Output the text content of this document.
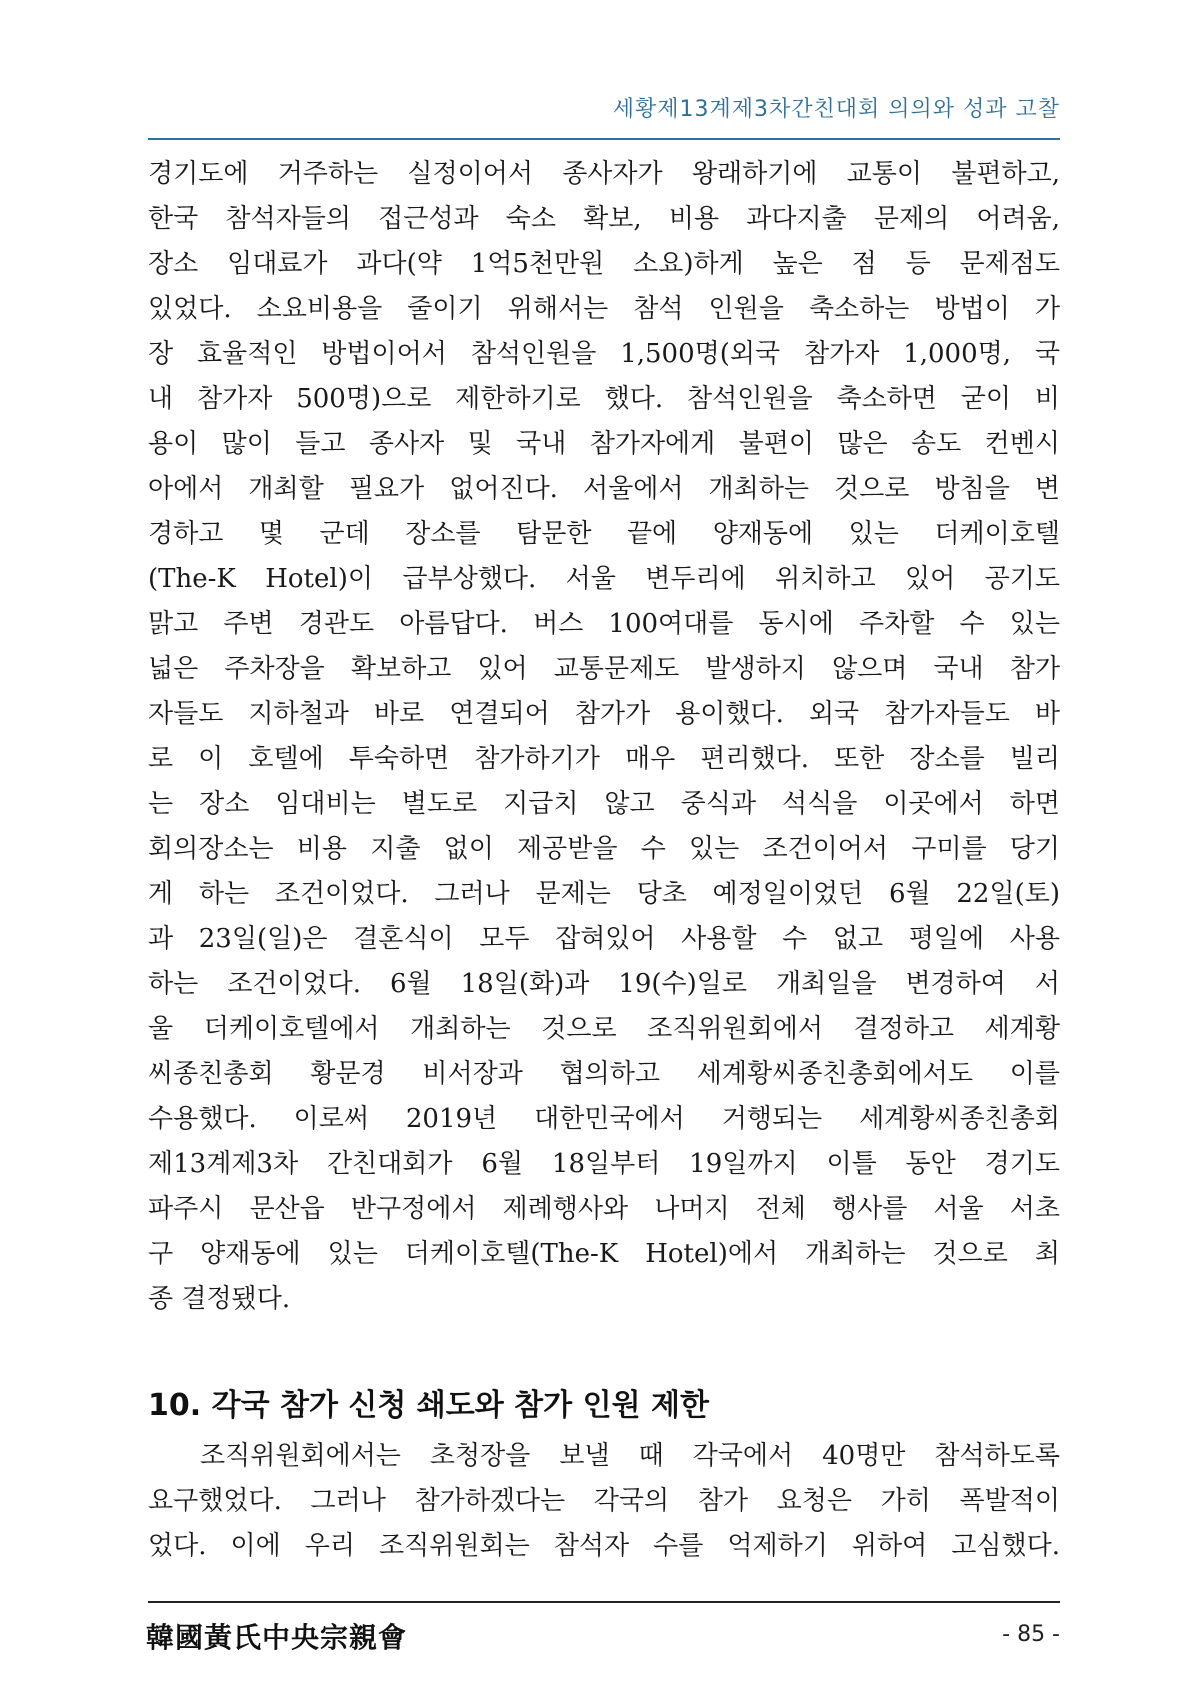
세황제13계제3차간친대회 의의와 성과 고찰
경기도에 거주하는 실정이어서 종사자가 왕래하기에 교통이 불편하고,
한국 참석자들의 접근성과 숙소 확보, 비용 과다지출 문제의 어려움,
장소 임대료가 과다(약 1억5천만원 소요)하게 높은 점 등 문제점도
있었다. 소요비용을 줄이기 위해서는 참석 인원을 축소하는 방법이 가
장 효율적인 방법이어서 참석인원을 1,500명(외국 참가자 1,000명, 국
내 참가자 500명)으로 제한하기로 했다. 참석인원을 축소하면 굳이 비
용이 많이 들고 종사자 및 국내 참가자에게 불편이 많은 송도 컨벤시
아에서 개최할 필요가 없어진다. 서울에서 개최하는 것으로 방침을 변
경하고 몇 군데 장소를 탐문한 끝에 양재동에 있는 더케이호텔
(The-K Hotel)이 급부상했다. 서울 변두리에 위치하고 있어 공기도
맑고 주변 경관도 아름답다. 버스 100여대를 동시에 주차할 수 있는
넓은 주차장을 확보하고 있어 교통문제도 발생하지 않으며 국내 참가
자들도 지하철과 바로 연결되어 참가가 용이했다. 외국 참가자들도 바
로 이 호텔에 투숙하면 참가하기가 매우 편리했다. 또한 장소를 빌리
는 장소 임대비는 별도로 지급치 않고 중식과 석식을 이곳에서 하면
회의장소는 비용 지출 없이 제공받을 수 있는 조건이어서 구미를 당기
게 하는 조건이었다. 그러나 문제는 당초 예정일이었던 6월 22일(토)
과 23일(일)은 결혼식이 모두 잡혀있어 사용할 수 없고 평일에 사용
하는 조건이었다. 6월 18일(화)과 19(수)일로 개최일을 변경하여 서
울 더케이호텔에서 개최하는 것으로 조직위원회에서 결정하고 세계황
씨종친총회 황문경 비서장과 협의하고 세계황씨종친총회에서도 이를
수용했다. 이로써 2019년 대한민국에서 거행되는 세계황씨종친총회
제13계제3차 간친대회가 6월 18일부터 19일까지 이틀 동안 경기도
파주시 문산읍 반구정에서 제례행사와 나머지 전체 행사를 서울 서초
구 양재동에 있는 더케이호텔(The-K Hotel)에서 개최하는 것으로 최
종 결정됐다.
10. 각국 참가 신청 쇄도와 참가 인원 제한
조직위원회에서는 초청장을 보낼 때 각국에서 40명만 참석하도록
요구했었다. 그러나 참가하겠다는 각국의 참가 요청은 가히 폭발적이
었다. 이에 우리 조직위원회는 참석자 수를 억제하기 위하여 고심했다.
韓國黃氏中央宗親會	- 85 -
